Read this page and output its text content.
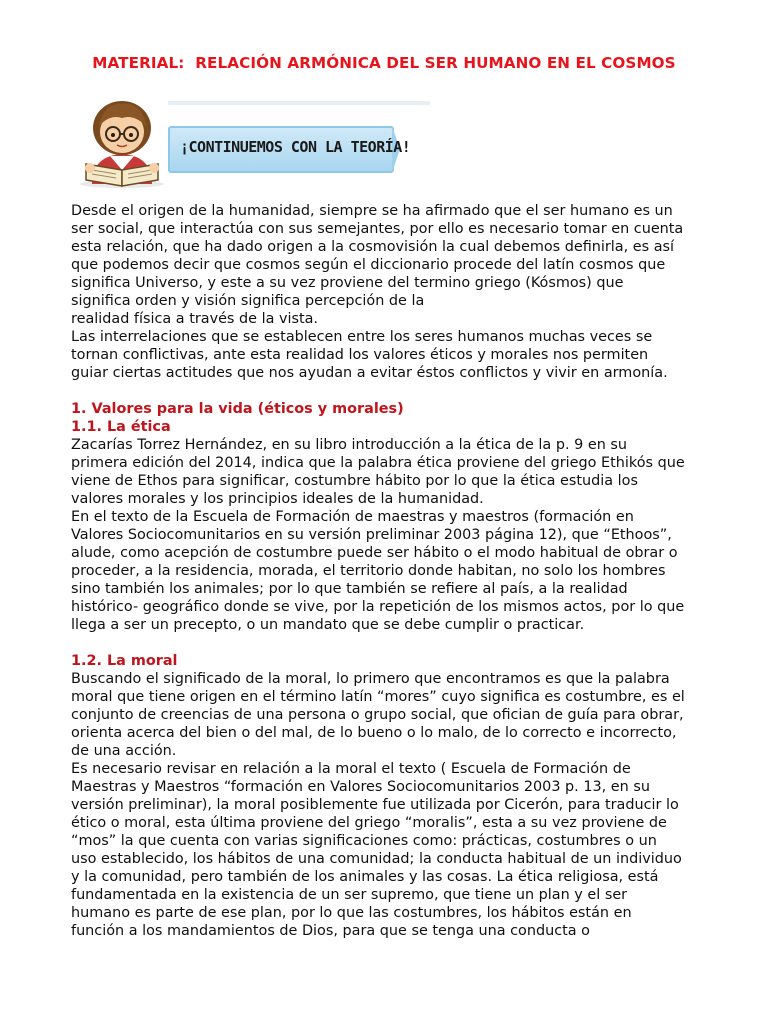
MATERIAL:  RELACIÓN ARMÓNICA DEL SER HUMANO EN EL COSMOS
¡CONTINUEMOS CON LA TEORÍA!

Desde el origen de la humanidad, siempre se ha afirmado que el ser humano es un
ser social, que interactúa con sus semejantes, por ello es necesario tomar en cuenta
esta relación, que ha dado origen a la cosmovisión la cual debemos definirla, es así
que podemos decir que cosmos según el diccionario procede del latín cosmos que
significa Universo, y este a su vez proviene del termino griego (Kósmos) que
significa orden y visión significa percepción de la
realidad física a través de la vista.
Las interrelaciones que se establecen entre los seres humanos muchas veces se
tornan conflictivas, ante esta realidad los valores éticos y morales nos permiten
guiar ciertas actitudes que nos ayudan a evitar éstos conflictos y vivir en armonía.

1. Valores para la vida (éticos y morales)
1.1. La ética

Zacarías Torrez Hernández, en su libro introducción a la ética de la p. 9 en su
primera edición del 2014, indica que la palabra ética proviene del griego Ethikós que
viene de Ethos para significar, costumbre hábito por lo que la ética estudia los
valores morales y los principios ideales de la humanidad.
En el texto de la Escuela de Formación de maestras y maestros (formación en
Valores Sociocomunitarios en su versión preliminar 2003 página 12), que “Ethoos”,
alude, como acepción de costumbre puede ser hábito o el modo habitual de obrar o
proceder, a la residencia, morada, el territorio donde habitan, no solo los hombres
sino también los animales; por lo que también se refiere al país, a la realidad
histórico- geográfico donde se vive, por la repetición de los mismos actos, por lo que
llega a ser un precepto, o un mandato que se debe cumplir o practicar.

1.2. La moral

Buscando el significado de la moral, lo primero que encontramos es que la palabra
moral que tiene origen en el término latín “mores” cuyo significa es costumbre, es el
conjunto de creencias de una persona o grupo social, que ofician de guía para obrar,
orienta acerca del bien o del mal, de lo bueno o lo malo, de lo correcto e incorrecto,
de una acción.
Es necesario revisar en relación a la moral el texto ( Escuela de Formación de
Maestras y Maestros “formación en Valores Sociocomunitarios 2003 p. 13, en su
versión preliminar), la moral posiblemente fue utilizada por Cicerón, para traducir lo
ético o moral, esta última proviene del griego “moralis”, esta a su vez proviene de
“mos” la que cuenta con varias significaciones como: prácticas, costumbres o un
uso establecido, los hábitos de una comunidad; la conducta habitual de un individuo
y la comunidad, pero también de los animales y las cosas. La ética religiosa, está
fundamentada en la existencia de un ser supremo, que tiene un plan y el ser
humano es parte de ese plan, por lo que las costumbres, los hábitos están en
función a los mandamientos de Dios, para que se tenga una conducta o
